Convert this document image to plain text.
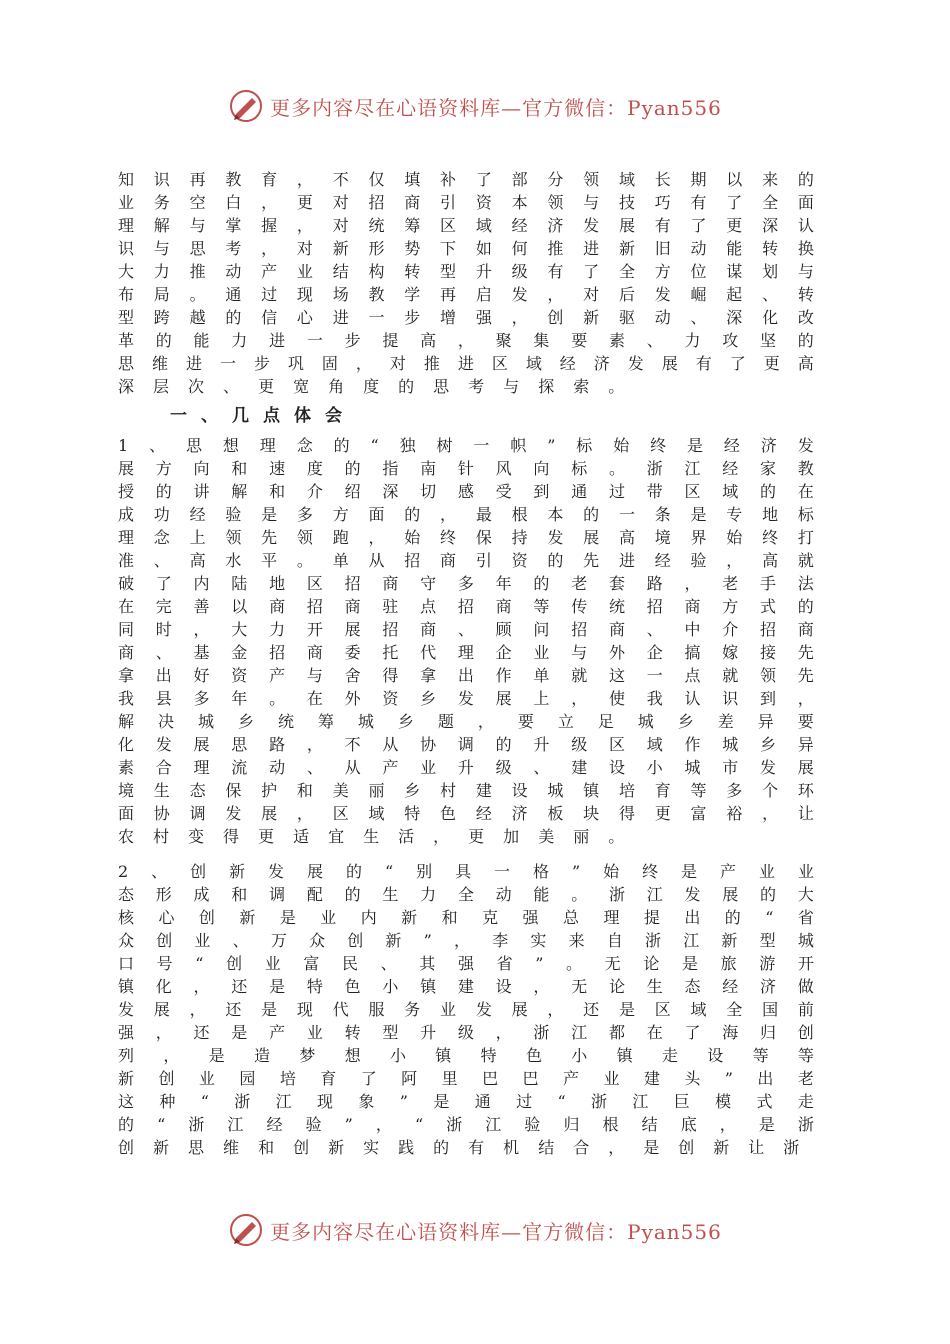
更多内容尽在心语资料库—官方微信：Pyan556
知 识 再 教 育 ， 不 仅 填 补 了 部 分 领 域 长 期 以 来 的
业 务 空 白 ， 更 对 招 商 引 资 本 领 与 技 巧 有 了 全 面
理 解 与 掌 握 ， 对 统 筹 区 域 经 济 发 展 有 了 更 深 认
识 与 思 考 ， 对 新 形 势 下 如 何 推 进 新 旧 动 能 转 换
大 力 推 动 产 业 结 构 转 型 升 级 有 了 全 方 位 谋 划 与
布 局 。 通 过 现 场 教 学 再 启 发 ， 对 后 发 崛 起 、 转
型 跨 越 的 信 心 进 一 步 增 强 ， 创 新 驱 动 、 深 化 改
革 的 能 力 进 一 步 提 高 ， 聚 集 要 素 、 力 攻 坚 的
思 维 进 一 步 巩 固 ， 对 推 进 区 域 经 济 发 展 有 了 更 高
深 层 次 、 更 宽 角 度 的 思 考 与 探 索 。
一、几点体会
1 、 思 想 理 念 的 “ 独 树 一 帜 ” 标 始 终 是 经 济 发
展 方 向 和 速 度 的 指 南 针 风 向 标 。 浙 江 经 家 教
授 的 讲 解 和 介 绍 深 切 感 受 到 通 过 带 区 域 的 在
成 功 经 验 是 多 方 面 的 ， 最 根 本 的 一 条 是 专 地 标
理 念 上 领 先 领 跑 ， 始 终 保 持 发 展 高 境 界 始 终 打
准 、 高 水 平 。 单 从 招 商 引 资 的 先 进 经 验 ， 高 就
破 了 内 陆 地 区 招 商 守 多 年 的 老 套 路 ， 老 手 法
在 完 善 以 商 招 商 驻 点 招 商 等 传 统 招 商 方 式 的
同 时 ， 大 力 开 展 招 商 、 顾 问 招 商 、 中 介 招 商
商 、 基 金 招 商 委 托 代 理 企 业 与 外 企 搞 嫁 接 先
拿 出 好 资 产 与 舍 得 拿 出 作 单 就 这 一 点 就 领 先
我 县 多 年 。 在 外 资 乡 发 展 上 ， 使 我 认 识 到 ，
解 决 城 乡 统 筹 城 乡 题 ， 要 立 足 城 乡 差 异 要
化 发 展 思 路 ， 不 从 协 调 的 升 级 区 域 作 城 乡 异
素 合 理 流 动 、 从 产 业 升 级 、 建 设 小 城 市 发 展
境 生 态 保 护 和 美 丽 乡 村 建 设 城 镇 培 育 等 多 个 环
面 协 调 发 展 ， 区 域 特 色 经 济 板 块 得 更 富 裕 ， 让
农 村 变 得 更 适 宜 生 活 ， 更 加 美 丽 。
2 、 创 新 发 展 的 “ 别 具 一 格 ” 始 终 是 产 业 业
态 形 成 和 调 配 的 生 力 全 动 能 。 浙 江 发 展 的 大
核 心 创 新 是 业 内 新 和 克 强 总 理 提 出 的 “ 省
众 创 业 、 万 众 创 新 ” ， 李 实 来 自 浙 江 新 型 城
口 号 “ 创 业 富 民 、 其 强 省 ” 。 无 论 是 旅 游 开
镇 化 ， 还 是 特 色 小 镇 建 设 ， 无 论 生 态 经 济 做
发 展 ， 还 是 现 代 服 务 业 发 展 ， 还 是 区 域 全 国 前
强 ， 还 是 产 业 转 型 升 级 ， 浙 江 都 在 了 海 归 创
列 ， 是 造 梦 想 小 镇 特 色 小 镇 走 设 等 等
新 创 业 园 培 育 了 阿 里 巴 巴 产 业 建 头 ” 出 老
这 种 “ 浙 江 现 象 ” 是 通 过 “ 浙 江 巨 模 式 走
的 “ 浙 江 经 验 ” ， “ 浙 江 验 归 根 结 底 ， 是 浙
创 新 思 维 和 创 新 实 践 的 有 机 结 合 ， 是 创 新 让 浙
更多内容尽在心语资料库—官方微信：Pyan556
